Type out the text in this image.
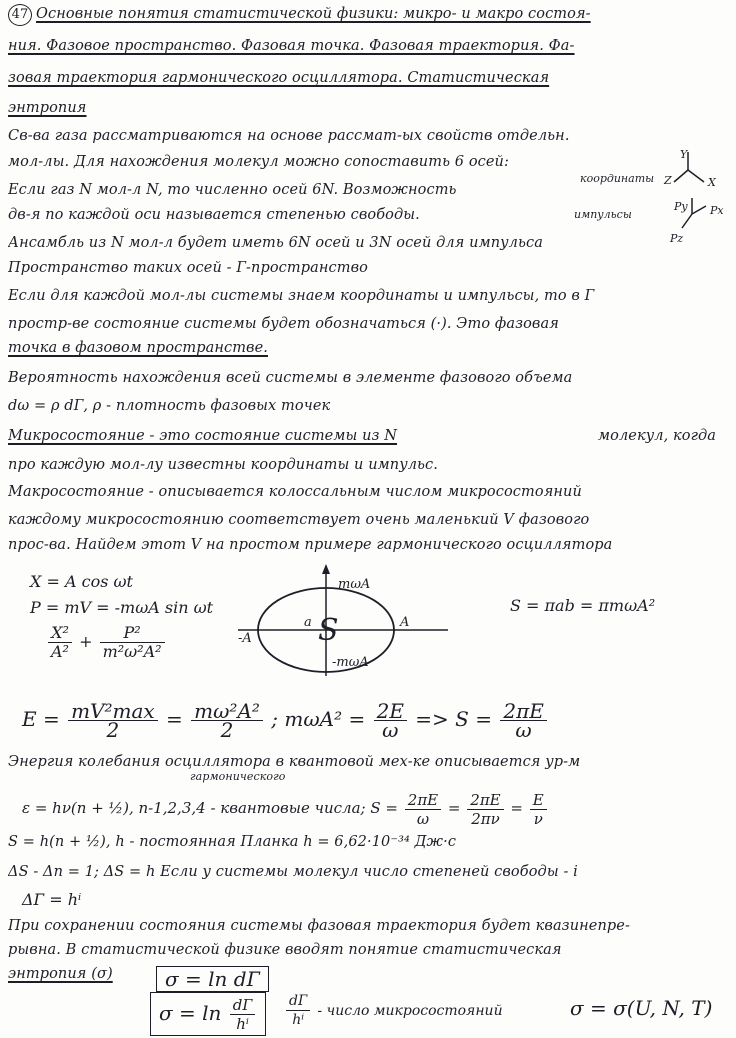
47 Основные понятия статистической физики: микро- и макро состоя-
ния. Фазовое пространство. Фазовая точка. Фазовая траектория. Фа-
зовая траектория гармонического осциллятора. Статистическая
энтропия
Св-ва газа рассматриваются на основе рассмат-ых свойств отдельн.
мол-лы. Для нахождения молекул можно сопоставить 6 осей:
Если газ N мол-л N, то численно осей 6N. Возможность
дв-я по каждой оси называется степенью свободы.
Y
X
Z
координаты
Py Px
Pz
импульсы
Ансамбль из N мол-л будет иметь 6N осей и 3N осей для импульса
Пространство таких осей - Г-пространство
Если для каждой мол-лы системы знаем координаты и импульсы, то в Г
простр-ве состояние системы будет обозначаться (·). Это фазовая
точка в фазовом пространстве.
Вероятность нахождения всей системы в элементе фазового объема
dω = ρ dГ, ρ - плотность фазовых точек
Микросостояние - это состояние системы из N	молекул, когда
про каждую мол-лу известны координаты и импульс.
Макросостояние - описывается колоссальным числом микросостояний
каждому микросостоянию соответствует очень маленький V фазового
прос-ва. Найдем этот V на простом примере гармонического осциллятора
X = A cos ωt
P = mV = -mωA sin ωt
$\frac{\text{X²}}{\text{A²}} + \frac{\text{P²}}{\text{m²ω²A²}}$
mωA
-mωA
-A
A
a S
S = πab = πmωA²
$E = \frac{\text{mV²max}}{2} = \frac{\text{mω²A²}}{2}$ ; $m\omega A^2 = \frac{2E}{\omega} => S = \frac{2\pi E}{\omega}$
Энергия колебания осциллятора в квантовой мех-ке описывается ур-м
гармонического
ε = hν(n + ½), n-1,2,3,4 - квантовые числа; $S = \frac{2\pi E}{\omega} = \frac{2\pi E}{2\pi\nu} = \frac{E}{\nu}$
S = h(n + ½), h - постоянная Планка h = 6,62·10⁻³⁴ Дж·с
ΔS - Δn = 1; ΔS = h Если у системы молекул число степеней свободы - i
ΔГ = hⁱ
При сохранении состояния системы фазовая траектория будет квазинепре-
рывна. В статистической физике вводят понятие статистическая
энтропия (σ)	σ = ln dГ
$\sigma = \ln \frac{dГ}{\text{hⁱ}} \frac{dГ}{\text{hⁱ}}$ - число микросостояний	σ = σ(U, N, T)
